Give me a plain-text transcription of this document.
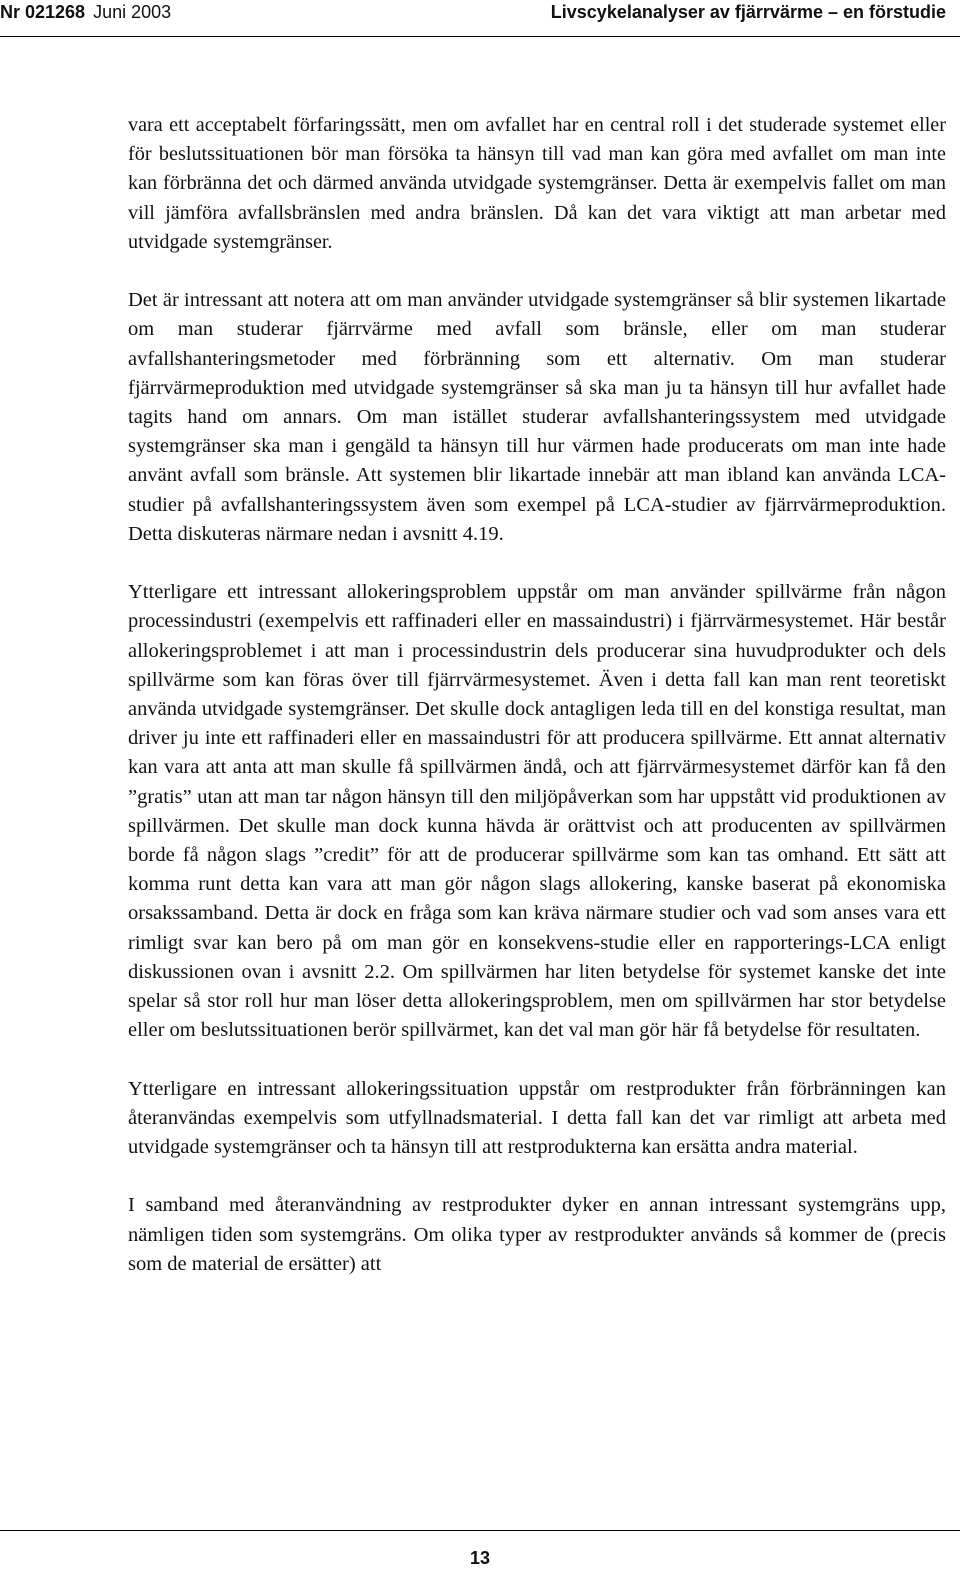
Nr 021268 Juni 2003	Livscykelanalyser av fjärrvärme – en förstudie

vara ett acceptabelt förfaringssätt, men om avfallet har en central roll i det studerade systemet eller för beslutssituationen bör man försöka ta hänsyn till vad man kan göra med avfallet om man inte kan förbränna det och därmed använda utvidgade systemgränser. Detta är exempelvis fallet om man vill jämföra avfallsbränslen med andra bränslen. Då kan det vara viktigt att man arbetar med utvidgade systemgränser.

Det är intressant att notera att om man använder utvidgade systemgränser så blir systemen likartade om man studerar fjärrvärme med avfall som bränsle, eller om man studerar avfallshanteringsmetoder med förbränning som ett alternativ. Om man studerar fjärrvärmeproduktion med utvidgade systemgränser så ska man ju ta hänsyn till hur avfallet hade tagits hand om annars. Om man istället studerar avfallshanteringssystem med utvidgade systemgränser ska man i gengäld ta hänsyn till hur värmen hade producerats om man inte hade använt avfall som bränsle. Att systemen blir likartade innebär att man ibland kan använda LCA-studier på avfallshanteringssystem även som exempel på LCA-studier av fjärrvärmeproduktion. Detta diskuteras närmare nedan i avsnitt 4.19.

Ytterligare ett intressant allokeringsproblem uppstår om man använder spillvärme från någon processindustri (exempelvis ett raffinaderi eller en massaindustri) i fjärrvärmesystemet. Här består allokeringsproblemet i att man i processindustrin dels producerar sina huvudprodukter och dels spillvärme som kan föras över till fjärrvärmesystemet. Även i detta fall kan man rent teoretiskt använda utvidgade systemgränser. Det skulle dock antagligen leda till en del konstiga resultat, man driver ju inte ett raffinaderi eller en massaindustri för att producera spillvärme. Ett annat alternativ kan vara att anta att man skulle få spillvärmen ändå, och att fjärrvärmesystemet därför kan få den ”gratis” utan att man tar någon hänsyn till den miljöpåverkan som har uppstått vid produktionen av spillvärmen. Det skulle man dock kunna hävda är orättvist och att producenten av spillvärmen borde få någon slags ”credit” för att de producerar spillvärme som kan tas omhand. Ett sätt att komma runt detta kan vara att man gör någon slags allokering, kanske baserat på ekonomiska orsakssamband. Detta är dock en fråga som kan kräva närmare studier och vad som anses vara ett rimligt svar kan bero på om man gör en konsekvens-studie eller en rapporterings-LCA enligt diskussionen ovan i avsnitt 2.2. Om spillvärmen har liten betydelse för systemet kanske det inte spelar så stor roll hur man löser detta allokeringsproblem, men om spillvärmen har stor betydelse eller om beslutssituationen berör spillvärmet, kan det val man gör här få betydelse för resultaten.

Ytterligare en intressant allokeringssituation uppstår om restprodukter från förbränningen kan återanvändas exempelvis som utfyllnadsmaterial. I detta fall kan det var rimligt att arbeta med utvidgade systemgränser och ta hänsyn till att restprodukterna kan ersätta andra material.

I samband med återanvändning av restprodukter dyker en annan intressant systemgräns upp, nämligen tiden som systemgräns. Om olika typer av restprodukter används så kommer de (precis som de material de ersätter) att

13
